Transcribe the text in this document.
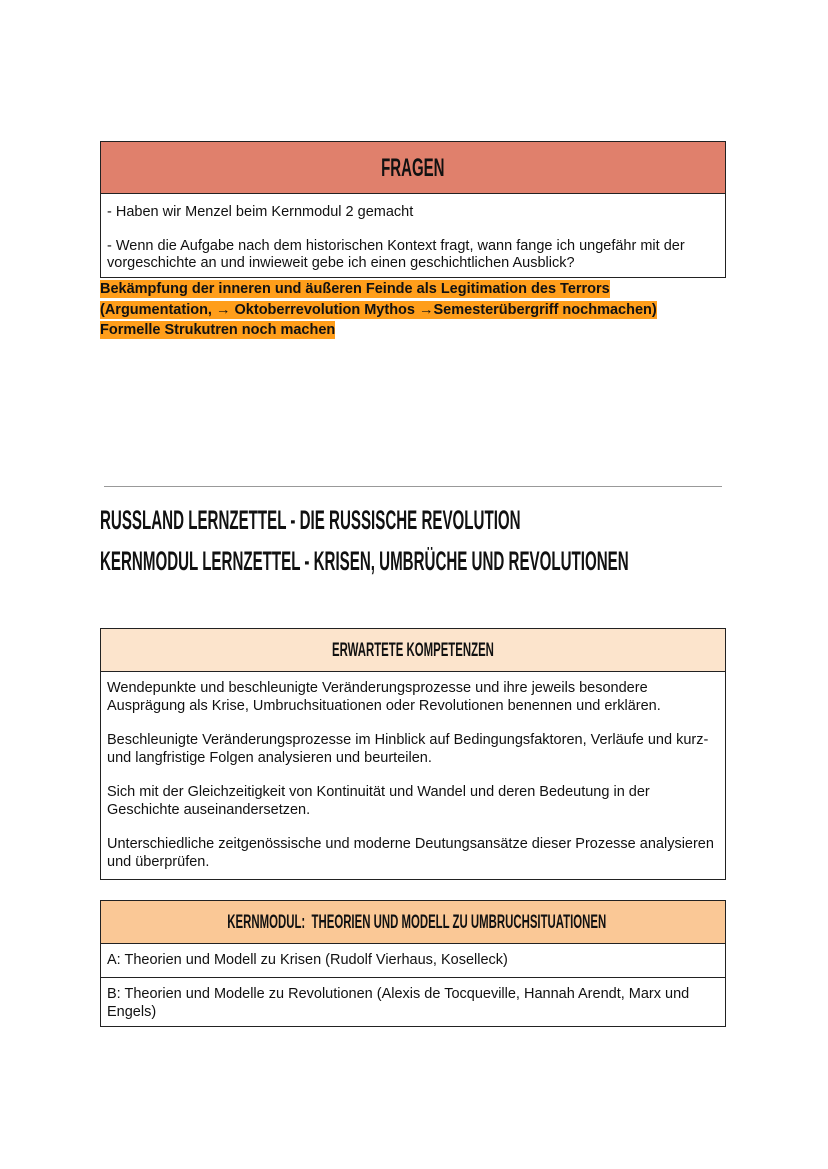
FRAGEN
- Haben wir Menzel beim Kernmodul 2 gemacht
- Wenn die Aufgabe nach dem historischen Kontext fragt, wann fange ich ungefähr mit der vorgeschichte an und inwieweit gebe ich einen geschichtlichen Ausblick?
Bekämpfung der inneren und äußeren Feinde als Legitimation des Terrors
(Argumentation, → Oktoberrevolution Mythos →Semesterübergriff nochmachen)
Formelle Strukutren noch machen
RUSSLAND LERNZETTEL - DIE RUSSISCHE REVOLUTION
KERNMODUL LERNZETTEL - KRISEN, UMBRÜCHE UND REVOLUTIONEN
ERWARTETE KOMPETENZEN
Wendepunkte und beschleunigte Veränderungsprozesse und ihre jeweils besondere Ausprägung als Krise, Umbruchsituationen oder Revolutionen benennen und erklären.
Beschleunigte Veränderungsprozesse im Hinblick auf Bedingungsfaktoren, Verläufe und kurz- und langfristige Folgen analysieren und beurteilen.
Sich mit der Gleichzeitigkeit von Kontinuität und Wandel und deren Bedeutung in der Geschichte auseinandersetzen.
Unterschiedliche zeitgenössische und moderne Deutungsansätze dieser Prozesse analysieren und überprüfen.
KERNMODUL:  THEORIEN UND MODELL ZU UMBRUCHSITUATIONEN
A: Theorien und Modell zu Krisen (Rudolf Vierhaus, Koselleck)
B: Theorien und Modelle zu Revolutionen (Alexis de Tocqueville, Hannah Arendt, Marx und Engels)
